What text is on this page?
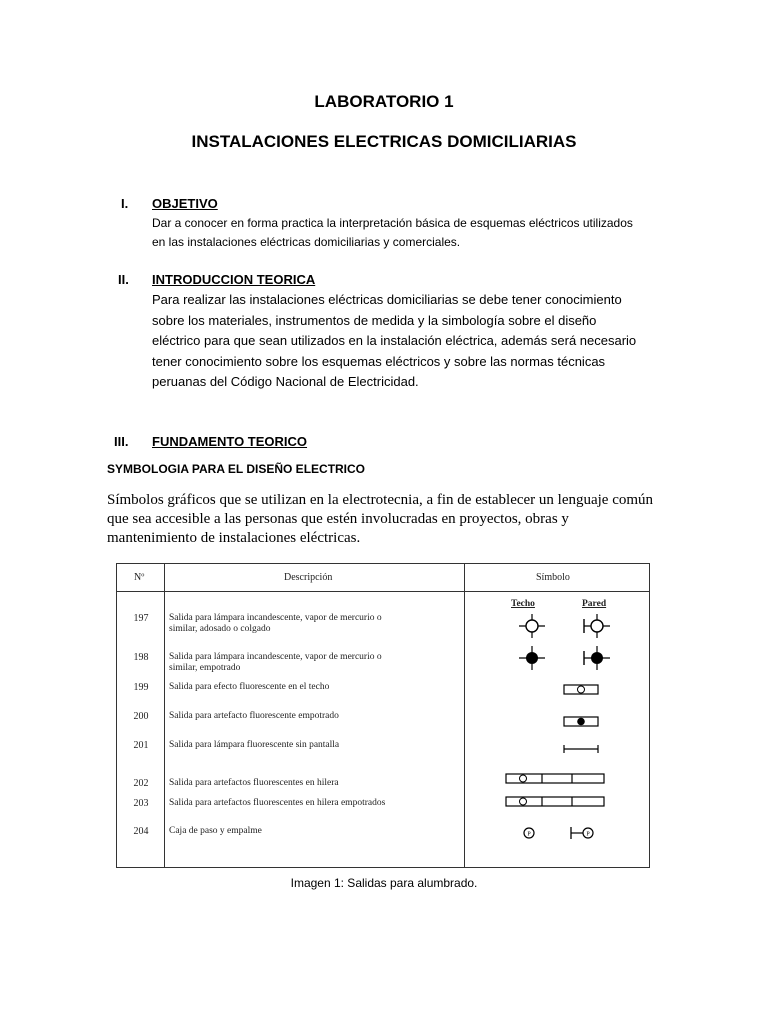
LABORATORIO 1
INSTALACIONES ELECTRICAS DOMICILIARIAS
I. OBJETIVO
Dar a conocer en forma practica la interpretación básica de esquemas eléctricos utilizados
en las instalaciones eléctricas domiciliarias y comerciales.
II. INTRODUCCION TEORICA
Para realizar las instalaciones eléctricas domiciliarias se debe tener conocimiento
sobre los materiales, instrumentos de medida y la simbología sobre el diseño
eléctrico para que sean utilizados en la instalación eléctrica, además será necesario
tener conocimiento sobre los esquemas eléctricos y sobre las normas técnicas
peruanas del Código Nacional de Electricidad.
III. FUNDAMENTO TEORICO
SYMBOLOGIA PARA EL DISEÑO ELECTRICO
Símbolos gráficos que se utilizan en la electrotecnia, a fin de establecer un lenguaje común
que sea accesible a las personas que estén involucradas en proyectos, obras y
mantenimiento de instalaciones eléctricas.
Nº	Descripción	Símbolo
Techo	Pared
197	Salida para lámpara incandescente, vapor de mercurio o
similar, adosado o colgado
198	Salida para lámpara incandescente, vapor de mercurio o
similar, empotrado
199	Salida para efecto fluorescente en el techo
200	Salida para artefacto fluorescente empotrado
201	Salida para lámpara fluorescente sin pantalla
202	Salida para artefactos fluorescentes en hilera
203	Salida para artefactos fluorescentes en hilera empotrados
204	Caja de paso y empalme	P	P
Imagen 1: Salidas para alumbrado.
